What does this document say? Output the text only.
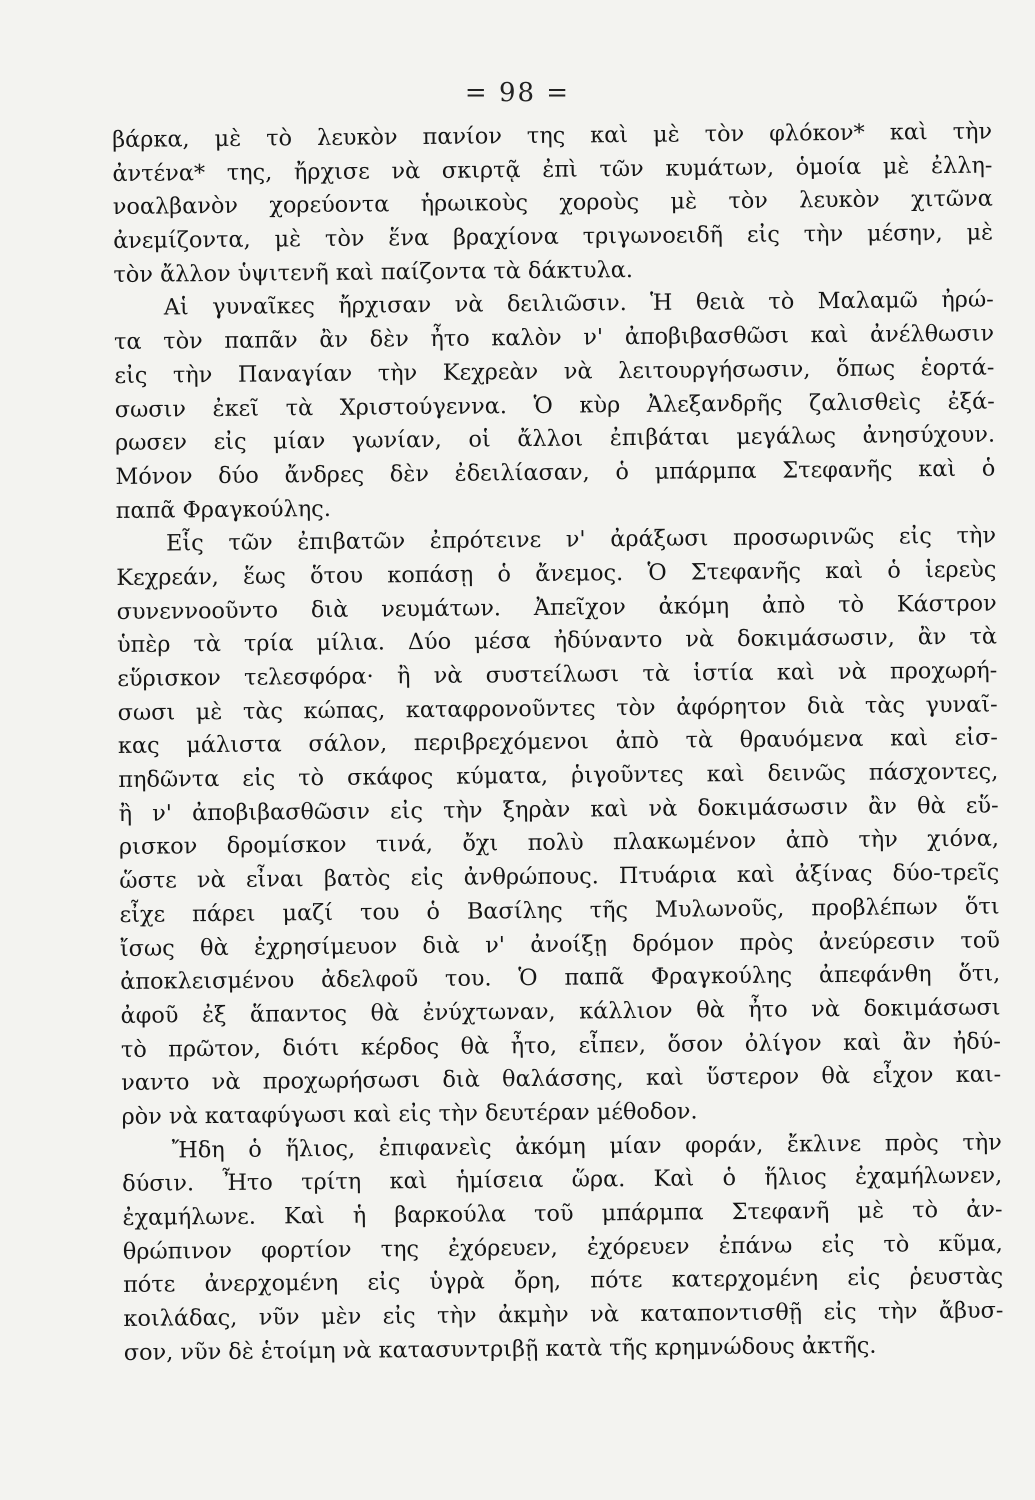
= 98 =
βάρκα, μὲ τὸ λευκὸν πανίον της καὶ μὲ τὸν φλόκον* καὶ τὴν
ἀντένα* της, ἤρχισε νὰ σκιρτᾷ ἐπὶ τῶν κυμάτων, ὁμοία μὲ ἐλλη-
νοαλβανὸν χορεύοντα ἡρωικοὺς χοροὺς μὲ τὸν λευκὸν χιτῶνα
ἀνεμίζοντα, μὲ τὸν ἕνα βραχίονα τριγωνοειδῆ εἰς τὴν μέσην, μὲ
τὸν ἄλλον ὑψιτενῆ καὶ παίζοντα τὰ δάκτυλα.
Αἱ γυναῖκες ἤρχισαν νὰ δειλιῶσιν. Ἡ θειὰ τὸ Μαλαμῶ ἠρώ-
τα τὸν παπᾶν ἂν δὲν ἦτο καλὸν ν' ἀποβιβασθῶσι καὶ ἀνέλθωσιν
εἰς τὴν Παναγίαν τὴν Κεχρεὰν νὰ λειτουργήσωσιν, ὅπως ἑορτά-
σωσιν ἐκεῖ τὰ Χριστούγεννα. Ὁ κὺρ Ἀλεξανδρῆς ζαλισθεὶς ἐξά-
ρωσεν εἰς μίαν γωνίαν, οἱ ἄλλοι ἐπιβάται μεγάλως ἀνησύχουν.
Μόνον δύο ἄνδρες δὲν ἐδειλίασαν, ὁ μπάρμπα Στεφανῆς καὶ ὁ
παπᾶ Φραγκούλης.
Εἷς τῶν ἐπιβατῶν ἐπρότεινε ν' ἀράξωσι προσωρινῶς εἰς τὴν
Κεχρεάν, ἕως ὅτου κοπάσῃ ὁ ἄνεμος. Ὁ Στεφανῆς καὶ ὁ ἱερεὺς
συνεννοοῦντο διὰ νευμάτων. Ἀπεῖχον ἀκόμη ἀπὸ τὸ Κάστρον
ὑπὲρ τὰ τρία μίλια. Δύο μέσα ἠδύναντο νὰ δοκιμάσωσιν, ἂν τὰ
εὕρισκον τελεσφόρα· ἢ νὰ συστείλωσι τὰ ἱστία καὶ νὰ προχωρή-
σωσι μὲ τὰς κώπας, καταφρονοῦντες τὸν ἀφόρητον διὰ τὰς γυναῖ-
κας μάλιστα σάλον, περιβρεχόμενοι ἀπὸ τὰ θραυόμενα καὶ εἰσ-
πηδῶντα εἰς τὸ σκάφος κύματα, ῥιγοῦντες καὶ δεινῶς πάσχοντες,
ἢ ν' ἀποβιβασθῶσιν εἰς τὴν ξηρὰν καὶ νὰ δοκιμάσωσιν ἂν θὰ εὕ-
ρισκον δρομίσκον τινά, ὄχι πολὺ πλακωμένον ἀπὸ τὴν χιόνα,
ὥστε νὰ εἶναι βατὸς εἰς ἀνθρώπους. Πτυάρια καὶ ἀξίνας δύο-τρεῖς
εἶχε πάρει μαζί του ὁ Βασίλης τῆς Μυλωνοῦς, προβλέπων ὅτι
ἴσως θὰ ἐχρησίμευον διὰ ν' ἀνοίξῃ δρόμον πρὸς ἀνεύρεσιν τοῦ
ἀποκλεισμένου ἀδελφοῦ του. Ὁ παπᾶ Φραγκούλης ἀπεφάνθη ὅτι,
ἀφοῦ ἐξ ἅπαντος θὰ ἐνύχτωναν, κάλλιον θὰ ἦτο νὰ δοκιμάσωσι
τὸ πρῶτον, διότι κέρδος θὰ ἦτο, εἶπεν, ὅσον ὀλίγον καὶ ἂν ἠδύ-
ναντο νὰ προχωρήσωσι διὰ θαλάσσης, καὶ ὕστερον θὰ εἶχον και-
ρὸν νὰ καταφύγωσι καὶ εἰς τὴν δευτέραν μέθοδον.
Ἤδη ὁ ἥλιος, ἐπιφανεὶς ἀκόμη μίαν φοράν, ἔκλινε πρὸς τὴν
δύσιν. Ἦτο τρίτη καὶ ἡμίσεια ὥρα. Καὶ ὁ ἥλιος ἐχαμήλωνεν,
ἐχαμήλωνε. Καὶ ἡ βαρκούλα τοῦ μπάρμπα Στεφανῆ μὲ τὸ ἀν-
θρώπινον φορτίον της ἐχόρευεν, ἐχόρευεν ἐπάνω εἰς τὸ κῦμα,
πότε ἀνερχομένη εἰς ὑγρὰ ὄρη, πότε κατερχομένη εἰς ῥευστὰς
κοιλάδας, νῦν μὲν εἰς τὴν ἀκμὴν νὰ καταποντισθῇ εἰς τὴν ἄβυσ-
σον, νῦν δὲ ἑτοίμη νὰ κατασυντριβῇ κατὰ τῆς κρημνώδους ἀκτῆς.
